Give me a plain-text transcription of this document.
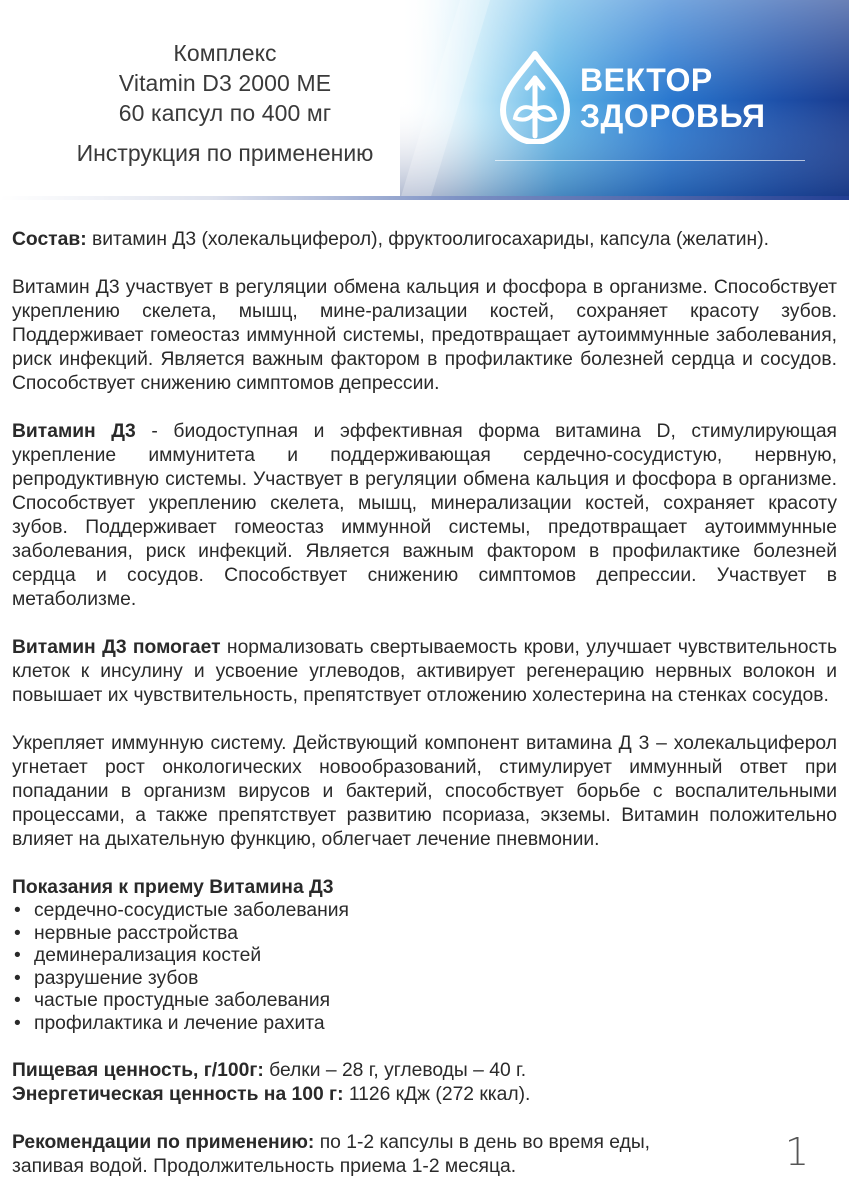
Комплекс
Vitamin D3 2000 ME
60 капсул по 400 мг
Инструкция по применению
ВЕКТОР
ЗДОРОВЬЯ

Состав: витамин Д3 (холекальциферол), фруктоолигосахариды, капсула (желатин).

Витамин Д3 участвует в регуляции обмена кальция и фосфора в организме. Способствует укреплению скелета, мышц, мине-рализации костей, сохраняет красоту зубов. Поддерживает гомеостаз иммунной системы, предотвращает аутоиммунные заболевания, риск инфекций. Является важным фактором в профилактике болезней сердца и сосудов. Способствует снижению симптомов депрессии.

Витамин Д3 - биодоступная и эффективная форма витамина D, стимулирующая укрепление иммунитета и поддерживающая сердечно-сосудистую, нервную, репродуктивную системы. Участвует в регуляции обмена кальция и фосфора в организме. Способствует укреплению скелета, мышц, минерализации костей, сохраняет красоту зубов. Поддерживает гомеостаз иммунной системы, предотвращает аутоиммунные заболевания, риск инфекций. Является важным фактором в профилактике болезней сердца и сосудов. Способствует снижению симптомов депрессии. Участвует в метаболизме.

Витамин Д3 помогает нормализовать свертываемость крови, улучшает чувствительность клеток к инсулину и усвоение углеводов, активирует регенерацию нервных волокон и повышает их чувствительность, препятствует отложению холестерина на стенках сосудов.

Укрепляет иммунную систему. Действующий компонент витамина Д 3 – холекальциферол угнетает рост онкологических новообразований, стимулирует иммунный ответ при попадании в организм вирусов и бактерий, способствует борьбе с воспалительными процессами, а также препятствует развитию псориаза, экземы. Витамин положительно влияет на дыхательную функцию, облегчает лечение пневмонии.

Показания к приему Витамина Д3

• сердечно-сосудистые заболевания
• нервные расстройства
• деминерализация костей
• разрушение зубов
• частые простудные заболевания
• профилактика и лечение рахита

Пищевая ценность, г/100г: белки – 28 г, углеводы – 40 г.

Энергетическая ценность на 100 г: 1126 кДж (272 ккал).

Рекомендации по применению: по 1-2 капсулы в день во время еды,

запивая водой. Продолжительность приема 1-2 месяца.	1
